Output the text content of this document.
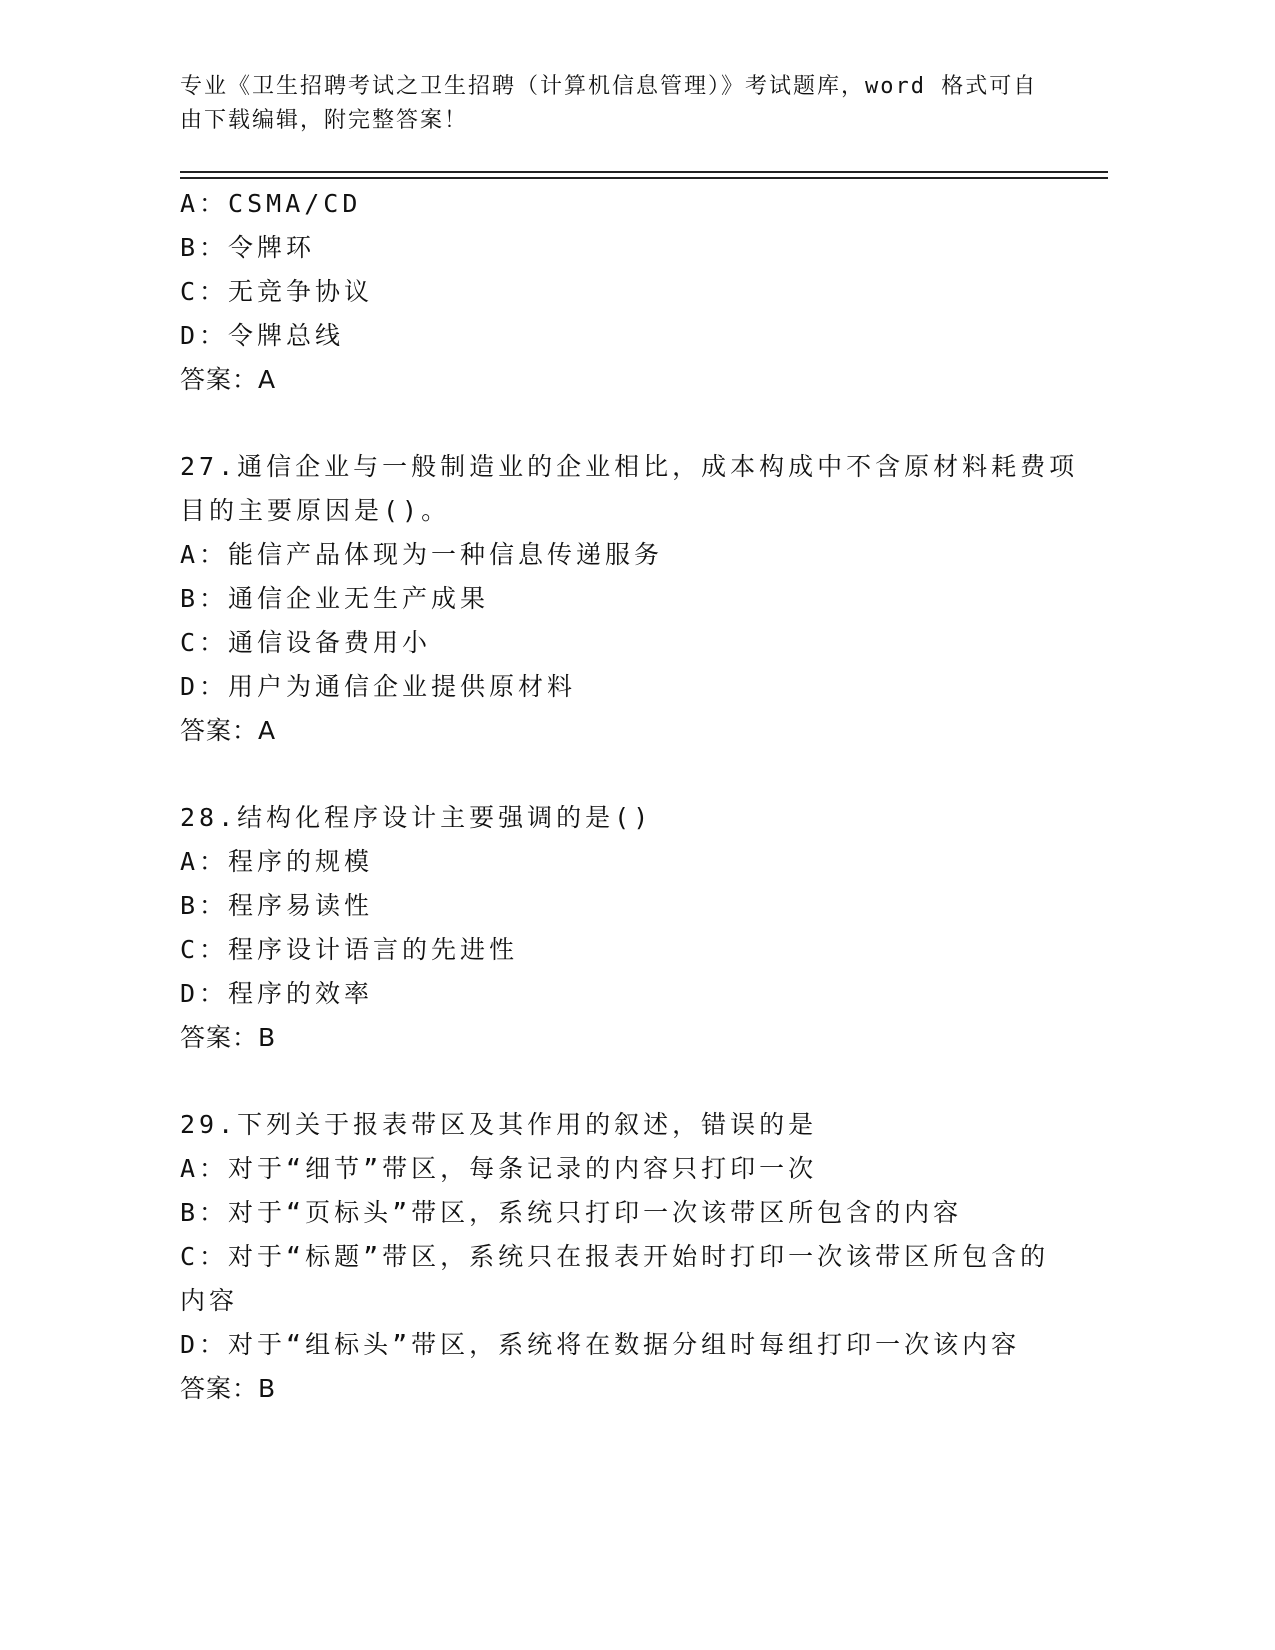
专业《卫生招聘考试之卫生招聘（计算机信息管理）》考试题库，word 格式可自
由下载编辑，附完整答案！
A：CSMA/CD
B：令牌环
C：无竞争协议
D：令牌总线
答案：A
27.通信企业与一般制造业的企业相比，成本构成中不含原材料耗费项
目的主要原因是()。
A：能信产品体现为一种信息传递服务
B：通信企业无生产成果
C：通信设备费用小
D：用户为通信企业提供原材料
答案：A
28.结构化程序设计主要强调的是()
A：程序的规模
B：程序易读性
C：程序设计语言的先进性
D：程序的效率
答案：B
29.下列关于报表带区及其作用的叙述，错误的是
A：对于“细节”带区，每条记录的内容只打印一次
B：对于“页标头”带区，系统只打印一次该带区所包含的内容
C：对于“标题”带区，系统只在报表开始时打印一次该带区所包含的
内容
D：对于“组标头”带区，系统将在数据分组时每组打印一次该内容
答案：B
